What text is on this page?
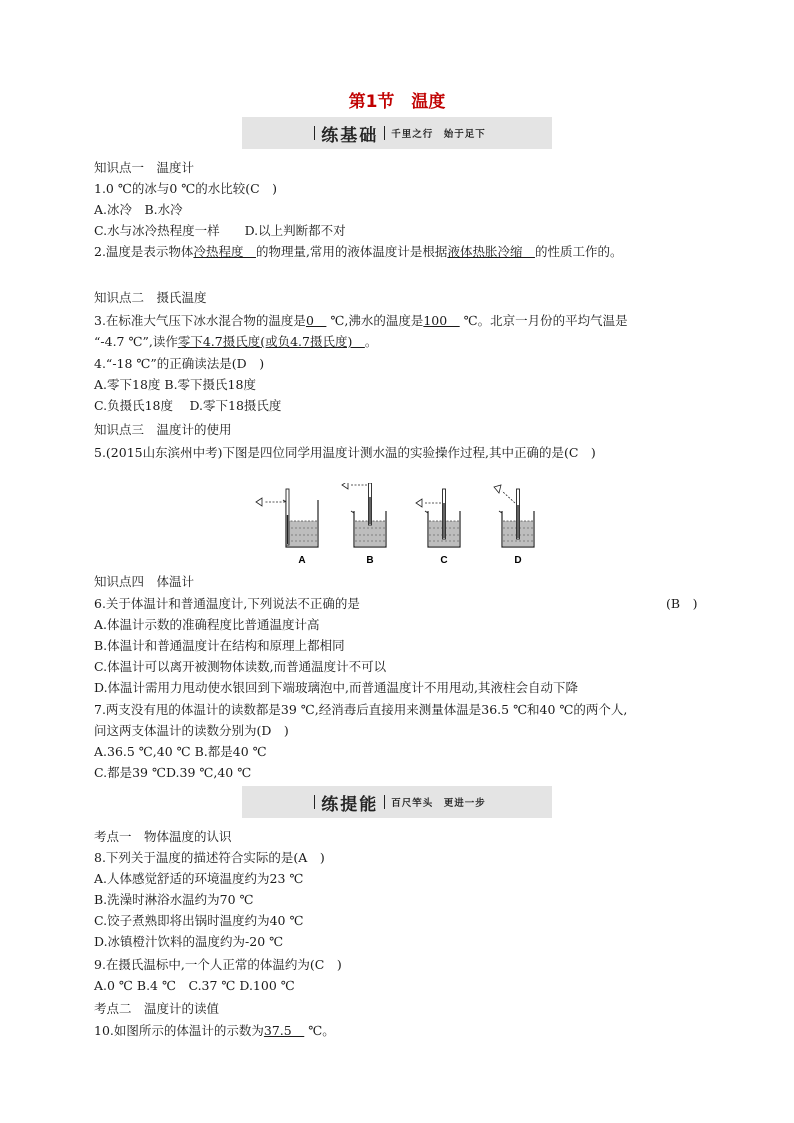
第1节　温度
练基础 千里之行　始于足下
知识点一　温度计
1.0 ℃的冰与0 ℃的水比较(C　)
A.冰冷　B.水冷
C.水与冰冷热程度一样　　D.以上判断都不对
2.温度是表示物体冷热程度　的物理量,常用的液体温度计是根据液体热胀冷缩　的性质工作的。
知识点二　摄氏温度
3.在标准大气压下冰水混合物的温度是0　 ℃,沸水的温度是100　 ℃。北京一月份的平均气温是
“-4.7 ℃”,读作零下4.7摄氏度(或负4.7摄氏度)　。
4.“-18 ℃”的正确读法是(D　)
A.零下18度 B.零下摄氏18度
C.负摄氏18度　 D.零下18摄氏度
知识点三　温度计的使用
5.(2015山东滨州中考)下图是四位同学用温度计测水温的实验操作过程,其中正确的是(C　)
A	B	C	D
知识点四　体温计
6.关于体温计和普通温度计,下列说法不正确的是	(B　)
A.体温计示数的准确程度比普通温度计高
B.体温计和普通温度计在结构和原理上都相同
C.体温计可以离开被测物体读数,而普通温度计不可以
D.体温计需用力甩动使水银回到下端玻璃泡中,而普通温度计不用甩动,其液柱会自动下降
7.两支没有甩的体温计的读数都是39 ℃,经消毒后直接用来测量体温是36.5 ℃和40 ℃的两个人,
问这两支体温计的读数分别为(D　)
A.36.5 ℃,40 ℃ B.都是40 ℃
C.都是39 ℃D.39 ℃,40 ℃
练提能 百尺竿头　更进一步
考点一　物体温度的认识
8.下列关于温度的描述符合实际的是(A　)
A.人体感觉舒适的环境温度约为23 ℃
B.洗澡时淋浴水温约为70 ℃
C.饺子煮熟即将出锅时温度约为40 ℃
D.冰镇橙汁饮料的温度约为-20 ℃
9.在摄氏温标中,一个人正常的体温约为(C　)
A.0 ℃ B.4 ℃　C.37 ℃ D.100 ℃
考点二　温度计的读值
10.如图所示的体温计的示数为37.5　 ℃。
